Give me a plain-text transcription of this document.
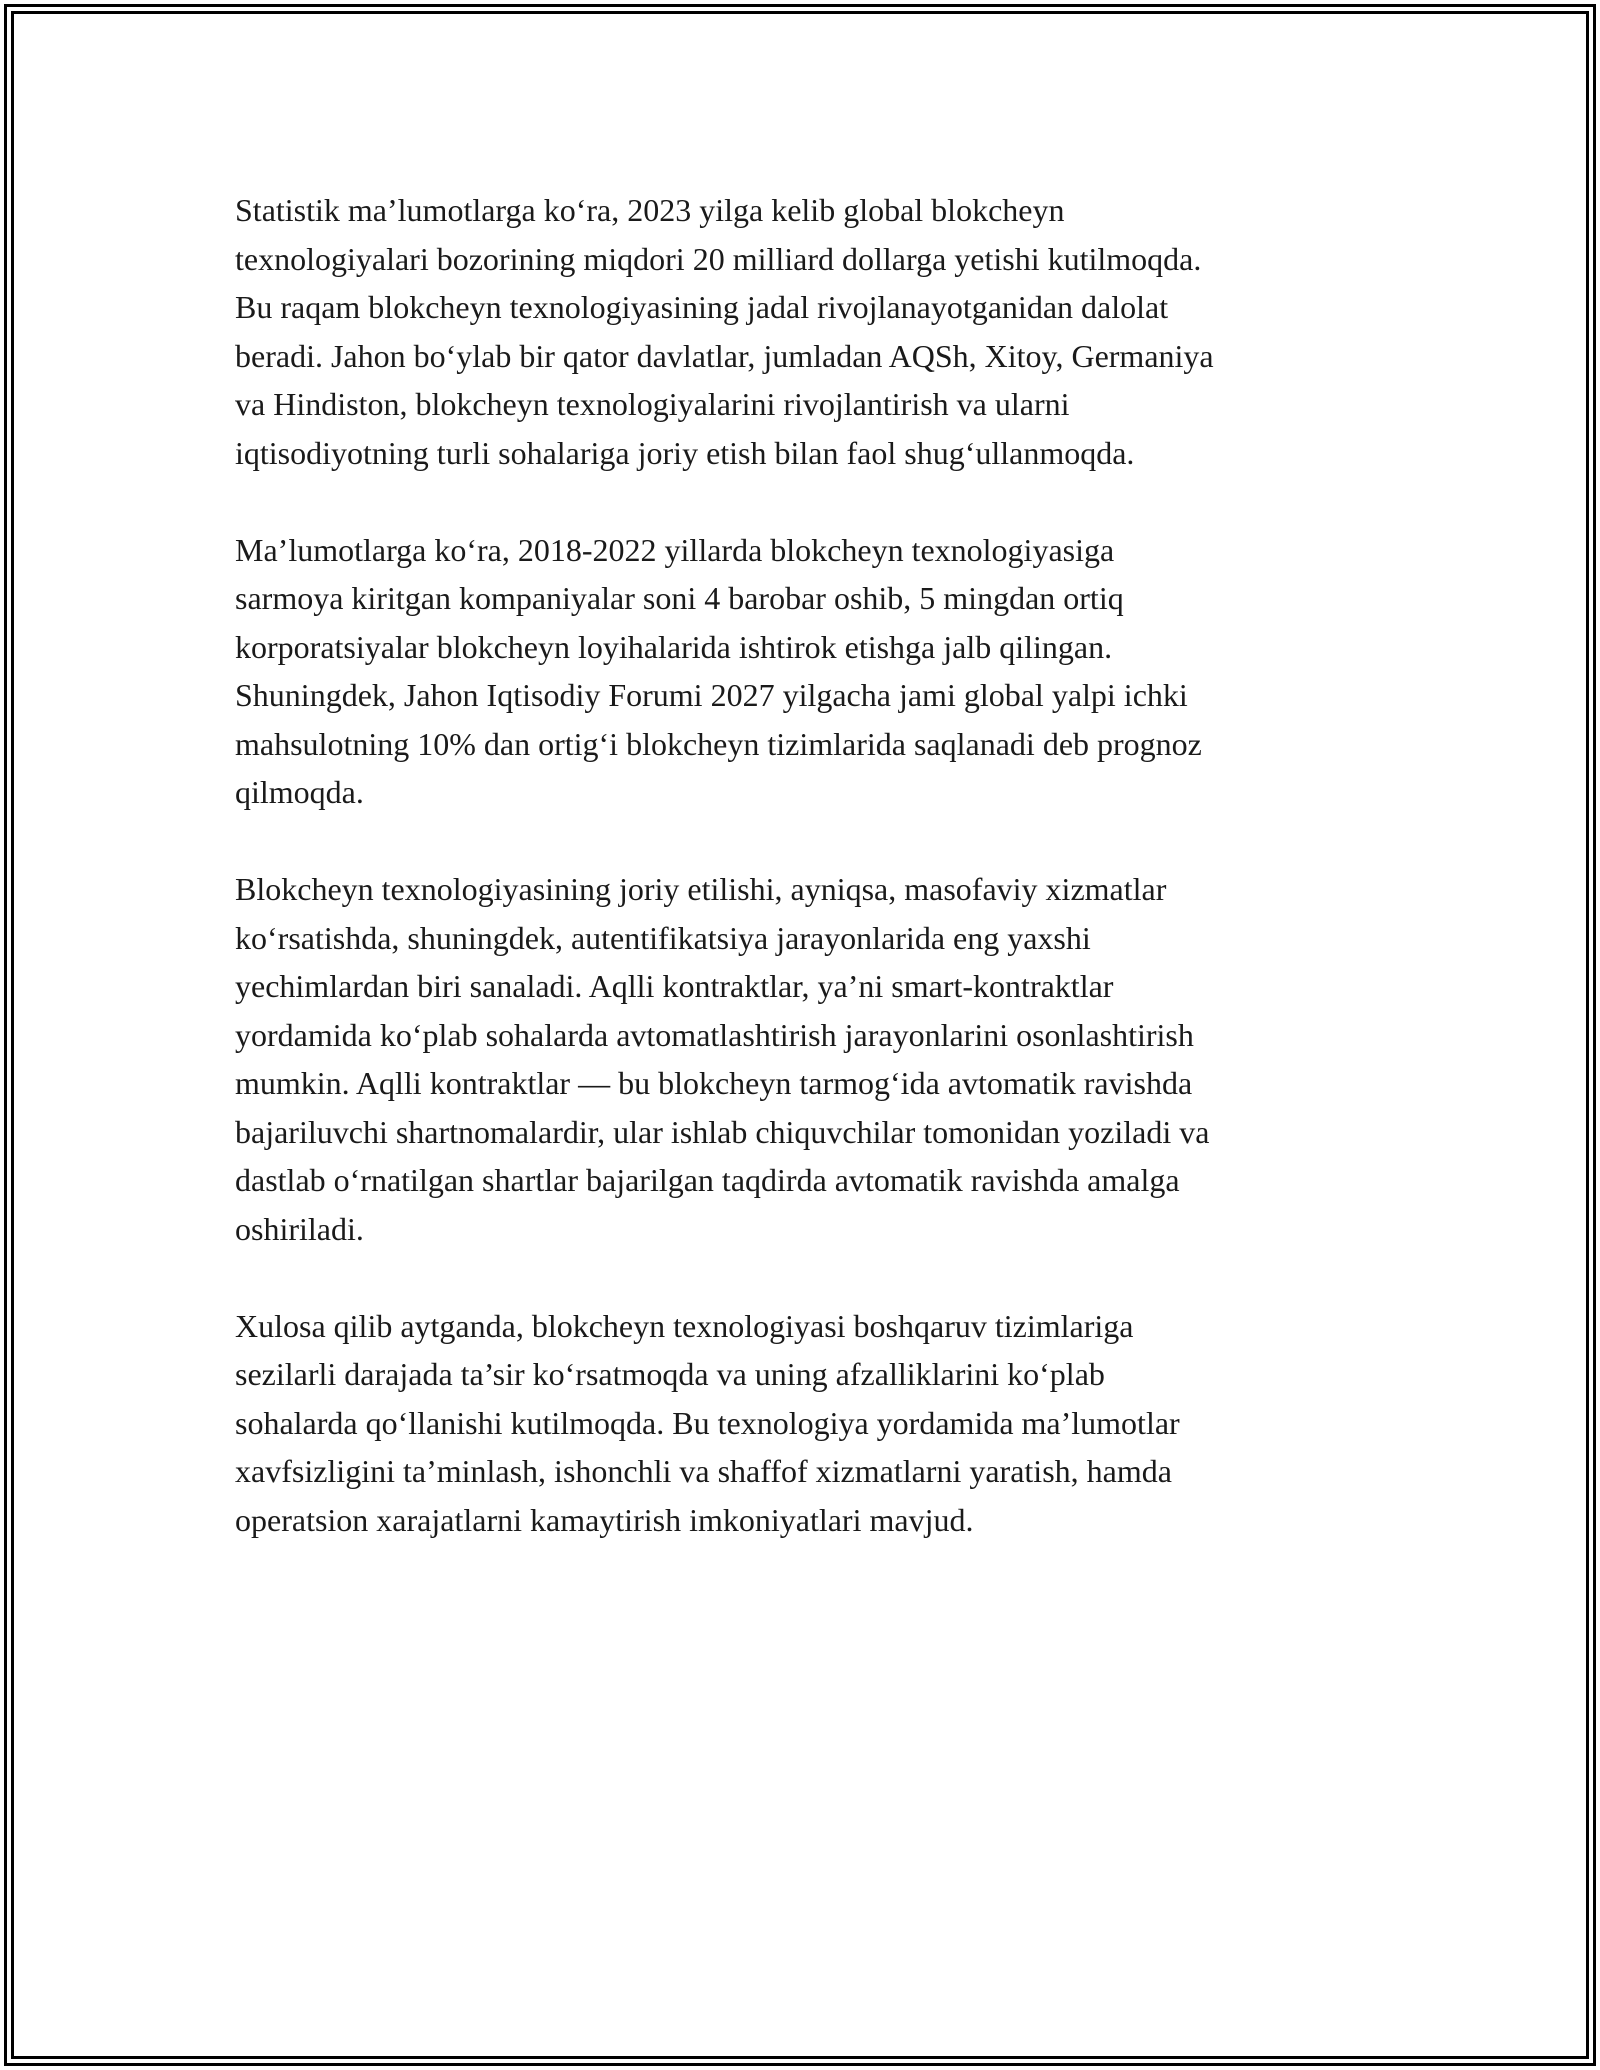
Statistik ma’lumotlarga ko‘ra, 2023 yilga kelib global blokcheyn
texnologiyalari bozorining miqdori 20 milliard dollarga yetishi kutilmoqda.
Bu raqam blokcheyn texnologiyasining jadal rivojlanayotganidan dalolat
beradi. Jahon bo‘ylab bir qator davlatlar, jumladan AQSh, Xitoy, Germaniya
va Hindiston, blokcheyn texnologiyalarini rivojlantirish va ularni
iqtisodiyotning turli sohalariga joriy etish bilan faol shug‘ullanmoqda.

Ma’lumotlarga ko‘ra, 2018-2022 yillarda blokcheyn texnologiyasiga
sarmoya kiritgan kompaniyalar soni 4 barobar oshib, 5 mingdan ortiq
korporatsiyalar blokcheyn loyihalarida ishtirok etishga jalb qilingan.
Shuningdek, Jahon Iqtisodiy Forumi 2027 yilgacha jami global yalpi ichki
mahsulotning 10% dan ortig‘i blokcheyn tizimlarida saqlanadi deb prognoz
qilmoqda.

Blokcheyn texnologiyasining joriy etilishi, ayniqsa, masofaviy xizmatlar
ko‘rsatishda, shuningdek, autentifikatsiya jarayonlarida eng yaxshi
yechimlardan biri sanaladi. Aqlli kontraktlar, ya’ni smart-kontraktlar
yordamida ko‘plab sohalarda avtomatlashtirish jarayonlarini osonlashtirish
mumkin. Aqlli kontraktlar — bu blokcheyn tarmog‘ida avtomatik ravishda
bajariluvchi shartnomalardir, ular ishlab chiquvchilar tomonidan yoziladi va
dastlab o‘rnatilgan shartlar bajarilgan taqdirda avtomatik ravishda amalga
oshiriladi.

Xulosa qilib aytganda, blokcheyn texnologiyasi boshqaruv tizimlariga
sezilarli darajada ta’sir ko‘rsatmoqda va uning afzalliklarini ko‘plab
sohalarda qo‘llanishi kutilmoqda. Bu texnologiya yordamida ma’lumotlar
xavfsizligini ta’minlash, ishonchli va shaffof xizmatlarni yaratish, hamda
operatsion xarajatlarni kamaytirish imkoniyatlari mavjud.
